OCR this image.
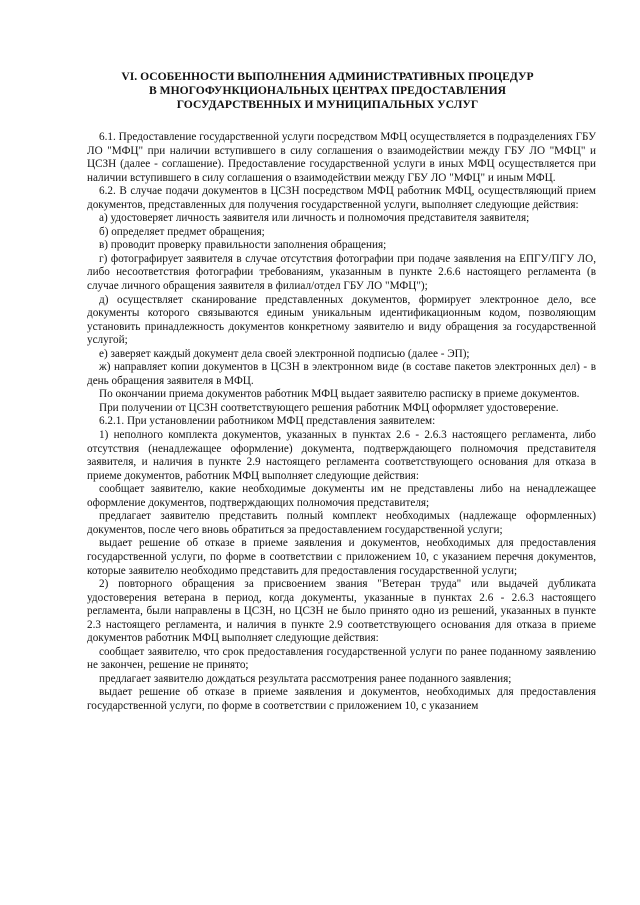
VI. ОСОБЕННОСТИ ВЫПОЛНЕНИЯ АДМИНИСТРАТИВНЫХ ПРОЦЕДУР
В МНОГОФУНКЦИОНАЛЬНЫХ ЦЕНТРАХ ПРЕДОСТАВЛЕНИЯ
ГОСУДАРСТВЕННЫХ И МУНИЦИПАЛЬНЫХ УСЛУГ

6.1. Предоставление государственной услуги посредством МФЦ осуществляется в подразделениях ГБУ ЛО "МФЦ" при наличии вступившего в силу соглашения о взаимодействии между ГБУ ЛО "МФЦ" и ЦСЗН (далее - соглашение). Предоставление государственной услуги в иных МФЦ осуществляется при наличии вступившего в силу соглашения о взаимодействии между ГБУ ЛО "МФЦ" и иным МФЦ.

6.2. В случае подачи документов в ЦСЗН посредством МФЦ работник МФЦ, осуществляющий прием документов, представленных для получения государственной услуги, выполняет следующие действия:

а) удостоверяет личность заявителя или личность и полномочия представителя заявителя;

б) определяет предмет обращения;

в) проводит проверку правильности заполнения обращения;

г) фотографирует заявителя в случае отсутствия фотографии при подаче заявления на ЕПГУ/ПГУ ЛО, либо несоответствия фотографии требованиям, указанным в пункте 2.6.6 настоящего регламента (в случае личного обращения заявителя в филиал/отдел ГБУ ЛО "МФЦ");

д) осуществляет сканирование представленных документов, формирует электронное дело, все документы которого связываются единым уникальным идентификационным кодом, позволяющим установить принадлежность документов конкретному заявителю и виду обращения за государственной услугой;

е) заверяет каждый документ дела своей электронной подписью (далее - ЭП);

ж) направляет копии документов в ЦСЗН в электронном виде (в составе пакетов электронных дел) - в день обращения заявителя в МФЦ.

По окончании приема документов работник МФЦ выдает заявителю расписку в приеме документов.

При получении от ЦСЗН соответствующего решения работник МФЦ оформляет удостоверение.

6.2.1. При установлении работником МФЦ представления заявителем:

1) неполного комплекта документов, указанных в пунктах 2.6 - 2.6.3 настоящего регламента, либо отсутствия (ненадлежащее оформление) документа, подтверждающего полномочия представителя заявителя, и наличия в пункте 2.9 настоящего регламента соответствующего основания для отказа в приеме документов, работник МФЦ выполняет следующие действия:

сообщает заявителю, какие необходимые документы им не представлены либо на ненадлежащее оформление документов, подтверждающих полномочия представителя;

предлагает заявителю представить полный комплект необходимых (надлежаще оформленных) документов, после чего вновь обратиться за предоставлением государственной услуги;

выдает решение об отказе в приеме заявления и документов, необходимых для предоставления государственной услуги, по форме в соответствии с приложением 10, с указанием перечня документов, которые заявителю необходимо представить для предоставления государственной услуги;

2) повторного обращения за присвоением звания "Ветеран труда" или выдачей дубликата удостоверения ветерана в период, когда документы, указанные в пунктах 2.6 - 2.6.3 настоящего регламента, были направлены в ЦСЗН, но ЦСЗН не было принято одно из решений, указанных в пункте 2.3 настоящего регламента, и наличия в пункте 2.9 соответствующего основания для отказа в приеме документов работник МФЦ выполняет следующие действия:

сообщает заявителю, что срок предоставления государственной услуги по ранее поданному заявлению не закончен, решение не принято;

предлагает заявителю дождаться результата рассмотрения ранее поданного заявления;

выдает решение об отказе в приеме заявления и документов, необходимых для предоставления государственной услуги, по форме в соответствии с приложением 10, с указанием
